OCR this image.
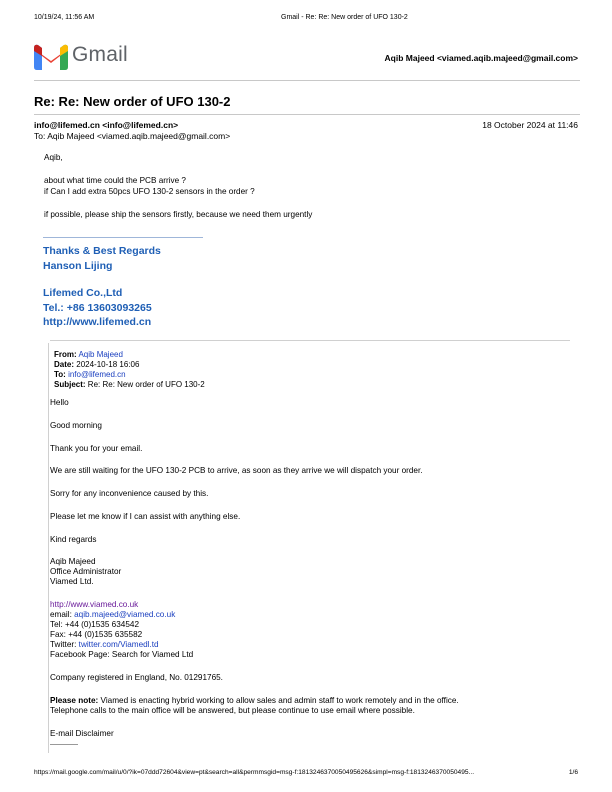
10/19/24, 11:56 AM	Gmail - Re: Re: New order of UFO 130-2
Gmail	Aqib Majeed <viamed.aqib.majeed@gmail.com>
Re: Re: New order of UFO 130-2
info@lifemed.cn <info@lifemed.cn>	18 October 2024 at 11:46
To: Aqib Majeed <viamed.aqib.majeed@gmail.com>
Aqib,
about what time could the PCB arrive ?
if Can I add extra 50pcs UFO 130-2 sensors in the order ?
if possible, please ship the sensors firstly, because we need them urgently
Thanks & Best Regards
Hanson Lijing
Lifemed Co.,Ltd
Tel.: +86 13603093265
http://www.lifemed.cn
From: Aqib Majeed
Date: 2024-10-18 16:06
To: info@lifemed.cn
Subject: Re: Re: New order of UFO 130-2
Hello
Good morning
Thank you for your email.
We are still waiting for the UFO 130-2 PCB to arrive, as soon as they arrive we will dispatch your order.
Sorry for any inconvenience caused by this.
Please let me know if I can assist with anything else.
Kind regards
Aqib Majeed
Office Administrator
Viamed Ltd.
http://www.viamed.co.uk
email: aqib.majeed@viamed.co.uk
Tel: +44 (0)1535 634542
Fax: +44 (0)1535 635582
Twitter: twitter.com/Viamedl.td
Facebook Page: Search for Viamed Ltd
Company registered in England, No. 01291765.
Please note: Viamed is enacting hybrid working to allow sales and admin staff to work remotely and in the office.
Telephone calls to the main office will be answered, but please continue to use email where possible.
E-mail Disclaimer
https://mail.google.com/mail/u/0/?ik=07ddd72604&view=pt&search=all&permmsgid=msg-f:1813246370050495626&simpl=msg-f:1813246370050495...	1/6
